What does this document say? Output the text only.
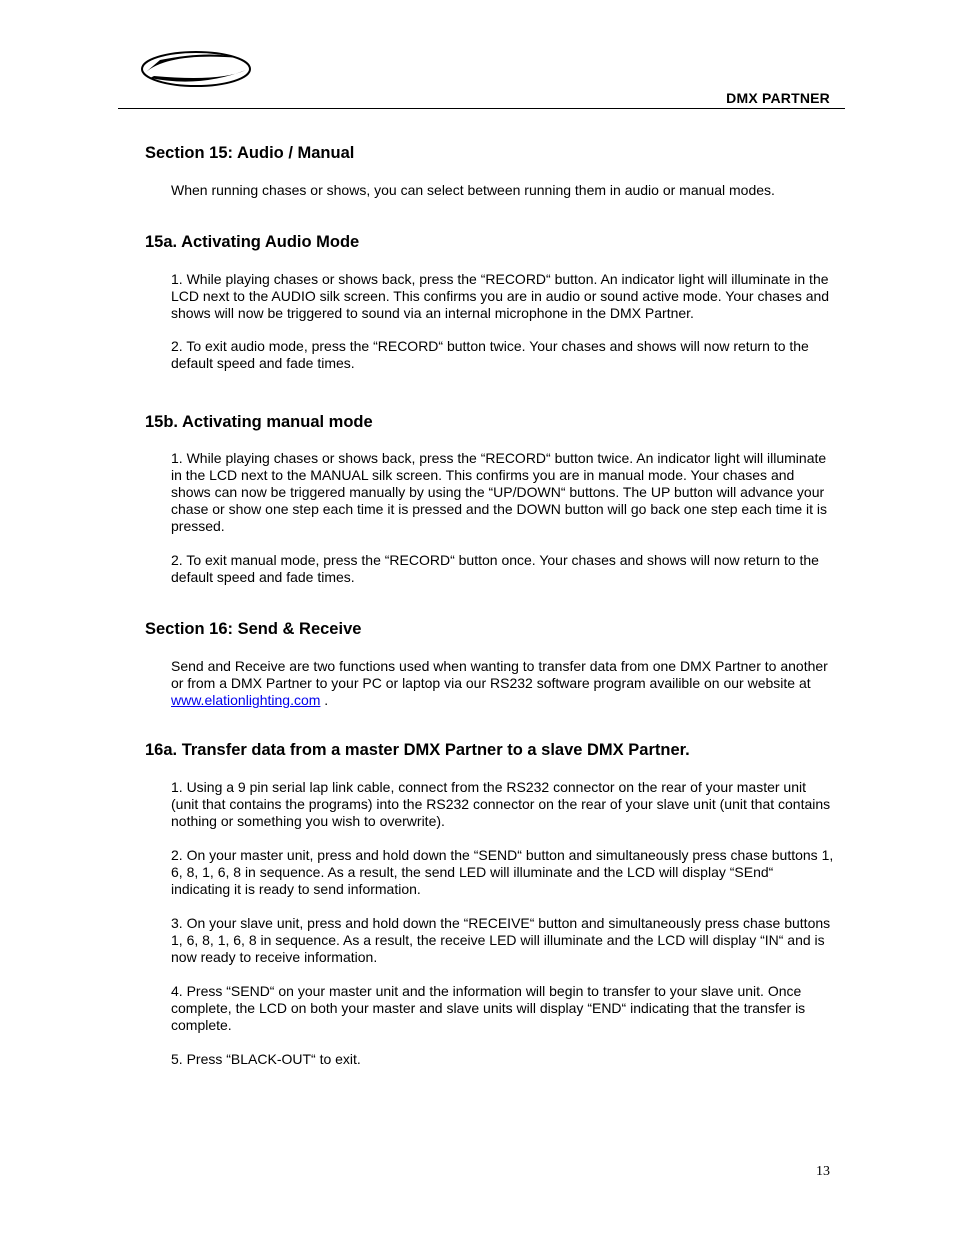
DMX PARTNER
Section 15: Audio / Manual

When running chases or shows, you can select between running them in audio or manual modes.

15a. Activating Audio Mode

1. While playing chases or shows back, press the “RECORD“ button. An indicator light will illuminate in the LCD next to the AUDIO silk screen. This confirms you are in audio or sound active mode. Your chases and shows will now be triggered to sound via an internal microphone in the DMX Partner.

2. To exit audio mode, press the “RECORD“ button twice. Your chases and shows will now return to the default speed and fade times.

15b. Activating manual mode

1. While playing chases or shows back, press the “RECORD“ button twice. An indicator light will illuminate in the LCD next to the MANUAL silk screen. This confirms you are in manual mode. Your chases and shows can now be triggered manually by using the “UP/DOWN“ buttons. The UP button will advance your chase or show one step each time it is pressed and the DOWN button will go back one step each time it is pressed.

2. To exit manual mode, press the “RECORD“ button once. Your chases and shows will now return to the default speed and fade times.

Section 16: Send & Receive

Send and Receive are two functions used when wanting to transfer data from one DMX Partner to another or from a DMX Partner to your PC or laptop via our RS232 software program availible on our website at www.elationlighting.com .

16a. Transfer data from a master DMX Partner to a slave DMX Partner.

1. Using a 9 pin serial lap link cable, connect from the RS232 connector on the rear of your master unit (unit that contains the programs) into the RS232 connector on the rear of your slave unit (unit that contains nothing or something you wish to overwrite).

2. On your master unit, press and hold down the “SEND“ button and simultaneously press chase buttons 1, 6, 8, 1, 6, 8 in sequence. As a result, the send LED will illuminate and the LCD will display “SEnd“ indicating it is ready to send information.

3. On your slave unit, press and hold down the “RECEIVE“ button and simultaneously press chase buttons 1, 6, 8, 1, 6, 8 in sequence. As a result, the receive LED will illuminate and the LCD will display “IN“ and is now ready to receive information.

4. Press “SEND“ on your master unit and the information will begin to transfer to your slave unit. Once complete, the LCD on both your master and slave units will display “END“ indicating that the transfer is complete.

5. Press “BLACK-OUT“ to exit.

13
